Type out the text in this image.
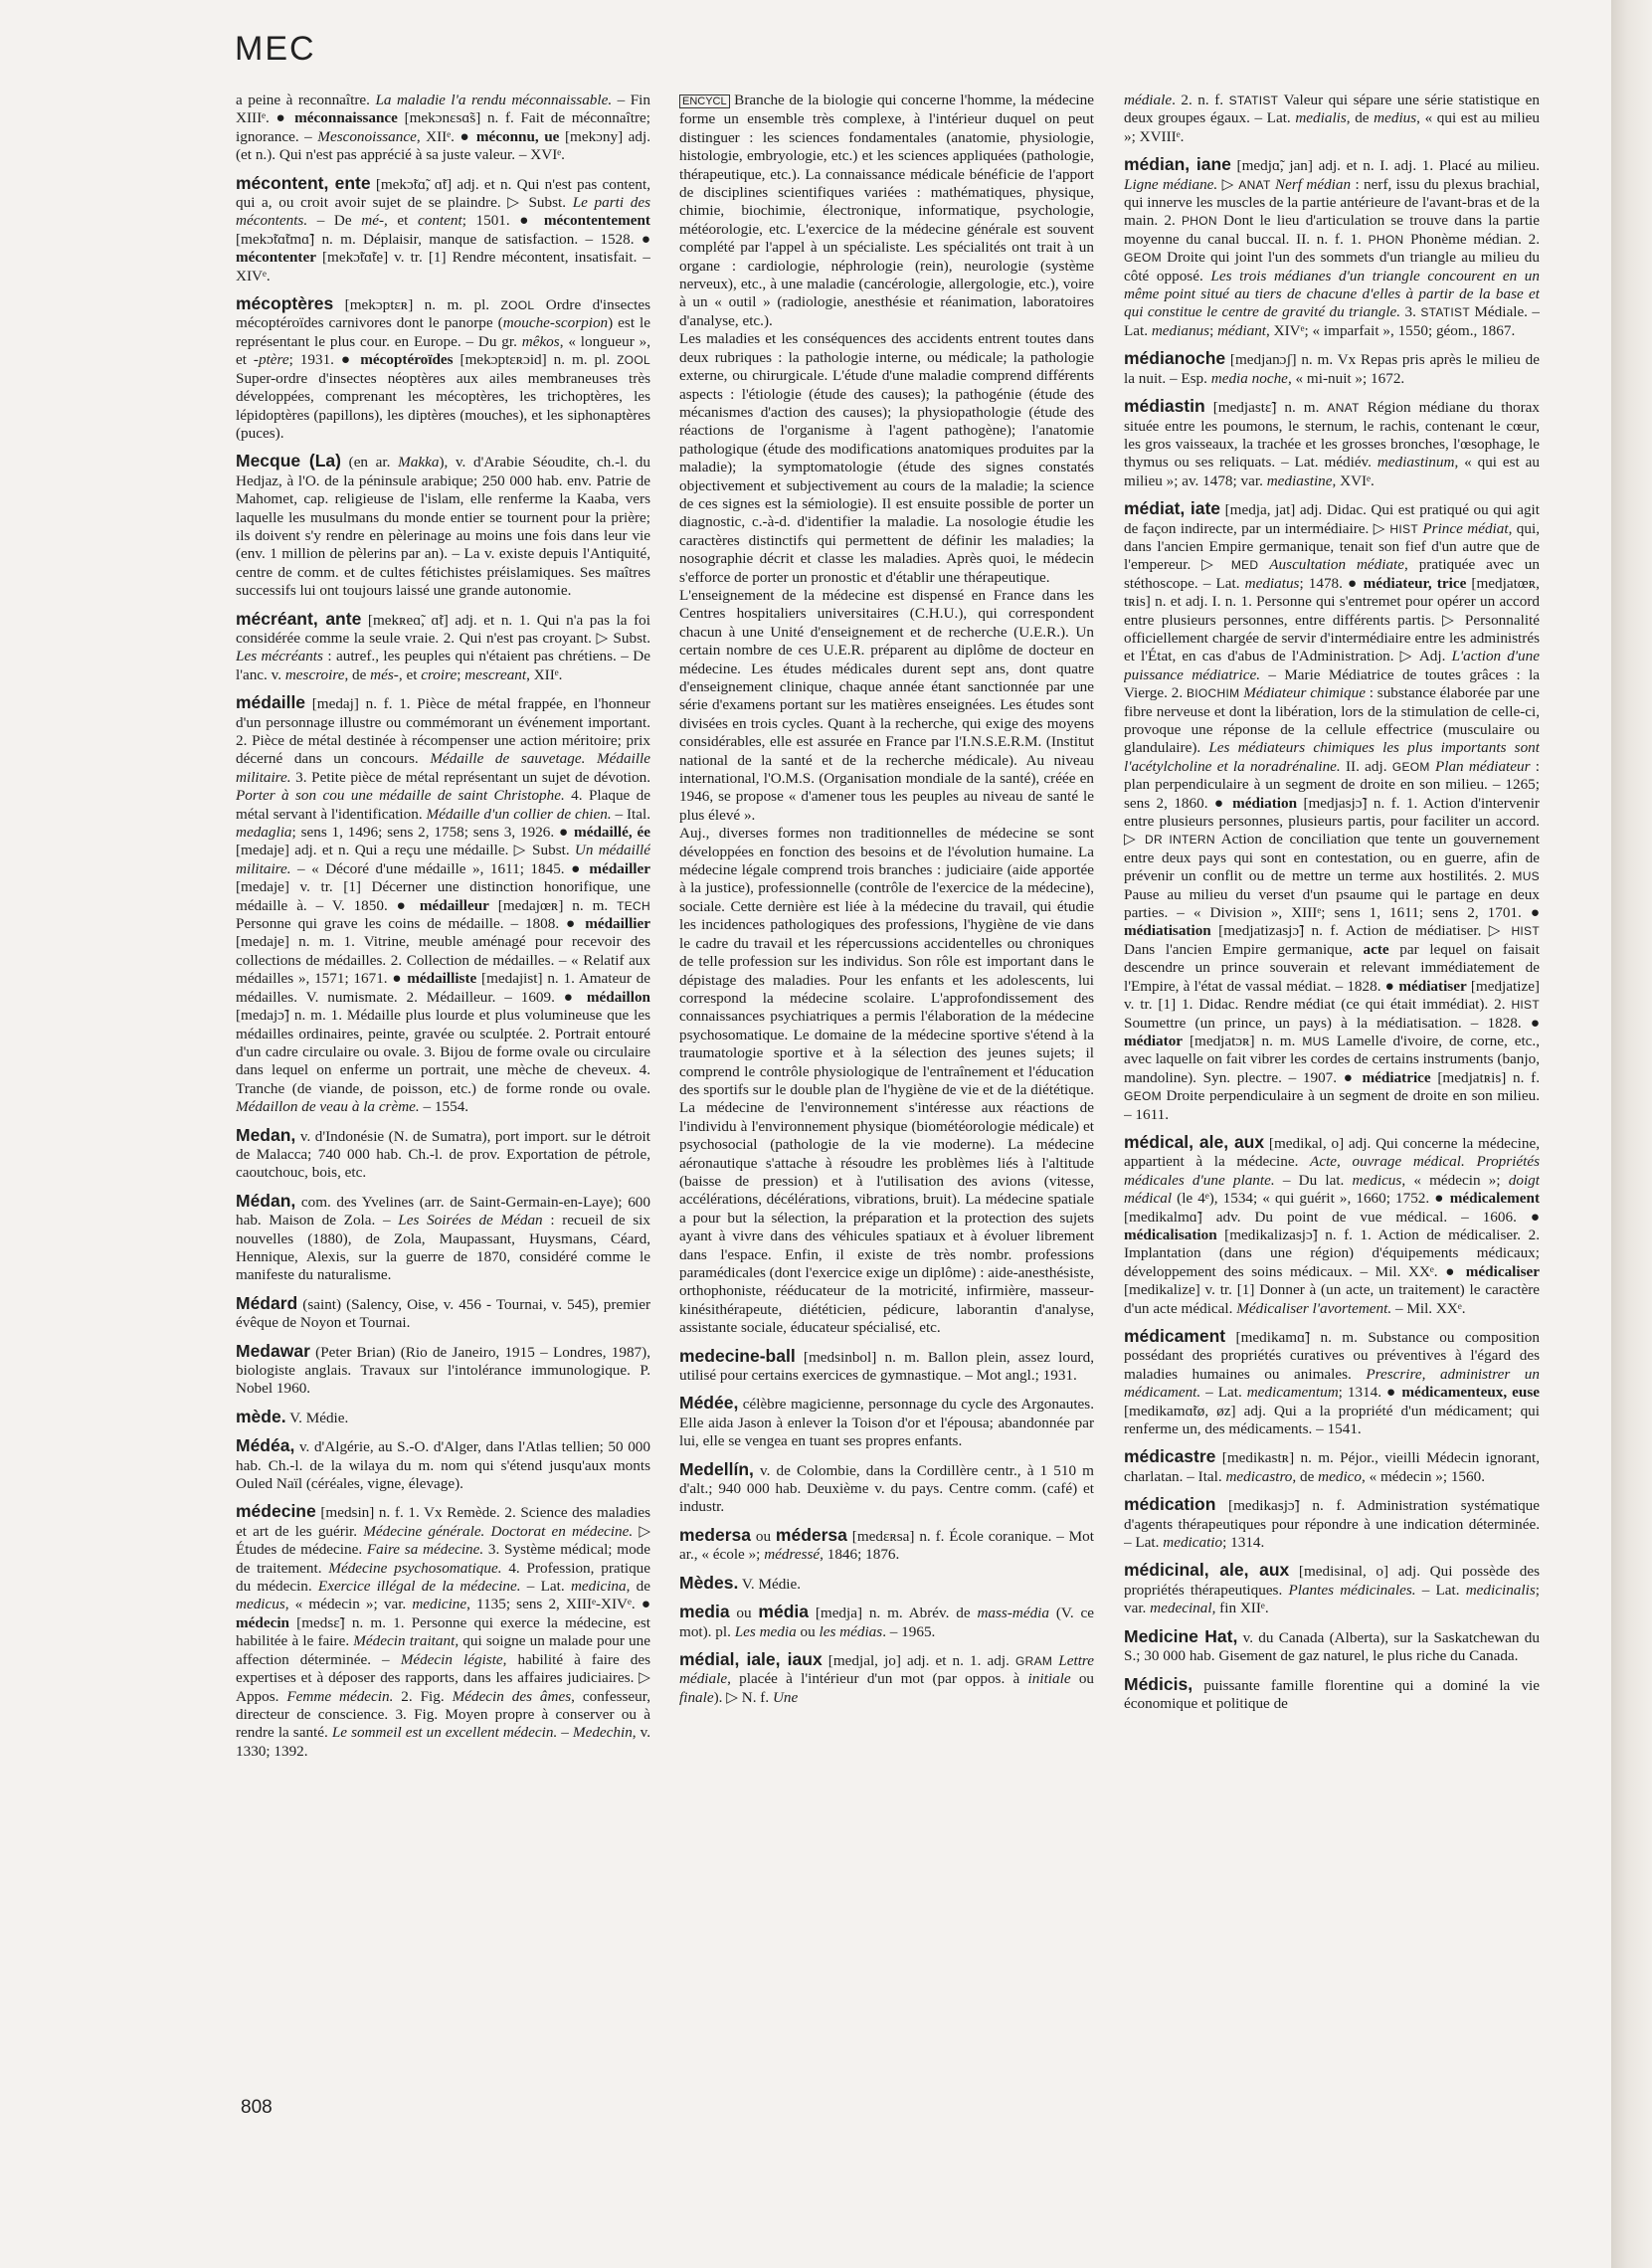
MEC

a peine à reconnaître. La maladie l'a rendu méconnaissable. – Fin XIIIᵉ. ● méconnaissance [mekɔnɛsɑ̃s] n. f. Fait de méconnaître; ignorance. – Mesconoissance, XIIᵉ. ● méconnu, ue [mekɔny] adj. (et n.). Qui n'est pas apprécié à sa juste valeur. – XVIᵉ.

mécontent, ente [mekɔ̃tɑ̃, ɑ̃t] adj. et n. Qui n'est pas content, qui a, ou croit avoir sujet de se plaindre. ▷ Subst. Le parti des mécontents. – De mé-, et content; 1501. ● mécontentement [mekɔ̃tɑ̃tmɑ̃] n. m. Déplaisir, manque de satisfaction. – 1528. ● mécontenter [mekɔ̃tɑ̃te] v. tr. [1] Rendre mécontent, insatisfait. – XIVᵉ.

mécoptères [mekɔptɛʀ] n. m. pl. ZOOL Ordre d'insectes mécoptéroïdes carnivores dont le panorpe (mouche-scorpion) est le représentant le plus cour. en Europe. – Du gr. mêkos, « longueur », et -ptère; 1931. ● mécoptéroïdes [mekɔptɛʀɔid] n. m. pl. ZOOL Super-ordre d'insectes néoptères aux ailes membraneuses très développées, comprenant les mécoptères, les trichoptères, les lépidoptères (papillons), les diptères (mouches), et les siphonaptères (puces).

Mecque (La) (en ar. Makka), v. d'Arabie Séoudite, ch.-l. du Hedjaz, à l'O. de la péninsule arabique; 250 000 hab. env. Patrie de Mahomet, cap. religieuse de l'islam, elle renferme la Kaaba, vers laquelle les musulmans du monde entier se tournent pour la prière; ils doivent s'y rendre en pèlerinage au moins une fois dans leur vie (env. 1 million de pèlerins par an). – La v. existe depuis l'Antiquité, centre de comm. et de cultes fétichistes préislamiques. Ses maîtres successifs lui ont toujours laissé une grande autonomie.

mécréant, ante [mekʀeɑ̃, ɑ̃t] adj. et n. 1. Qui n'a pas la foi considérée comme la seule vraie. 2. Qui n'est pas croyant. ▷ Subst. Les mécréants : autref., les peuples qui n'étaient pas chrétiens. – De l'anc. v. mescroire, de més-, et croire; mescreant, XIIᵉ.

médaille [medaj] n. f. 1. Pièce de métal frappée, en l'honneur d'un personnage illustre ou commémorant un événement important. 2. Pièce de métal destinée à récompenser une action méritoire; prix décerné dans un concours. Médaille de sauvetage. Médaille militaire. 3. Petite pièce de métal représentant un sujet de dévotion. Porter à son cou une médaille de saint Christophe. 4. Plaque de métal servant à l'identification. Médaille d'un collier de chien. – Ital. medaglia; sens 1, 1496; sens 2, 1758; sens 3, 1926. ● médaillé, ée [medaje] adj. et n. Qui a reçu une médaille. ▷ Subst. Un médaillé militaire. – « Décoré d'une médaille », 1611; 1845. ● médailler [medaje] v. tr. [1] Décerner une distinction honorifique, une médaille à. – V. 1850. ● médailleur [medajœʀ] n. m. TECH Personne qui grave les coins de médaille. – 1808. ● médaillier [medaje] n. m. 1. Vitrine, meuble aménagé pour recevoir des collections de médailles. 2. Collection de médailles. – « Relatif aux médailles », 1571; 1671. ● médailliste [medajist] n. 1. Amateur de médailles. V. numismate. 2. Médailleur. – 1609. ● médaillon [medajɔ̃] n. m. 1. Médaille plus lourde et plus volumineuse que les médailles ordinaires, peinte, gravée ou sculptée. 2. Portrait entouré d'un cadre circulaire ou ovale. 3. Bijou de forme ovale ou circulaire dans lequel on enferme un portrait, une mèche de cheveux. 4. Tranche (de viande, de poisson, etc.) de forme ronde ou ovale. Médaillon de veau à la crème. – 1554.

Medan, v. d'Indonésie (N. de Sumatra), port import. sur le détroit de Malacca; 740 000 hab. Ch.-l. de prov. Exportation de pétrole, caoutchouc, bois, etc.

Médan, com. des Yvelines (arr. de Saint-Germain-en-Laye); 600 hab. Maison de Zola. – Les Soirées de Médan : recueil de six nouvelles (1880), de Zola, Maupassant, Huysmans, Céard, Hennique, Alexis, sur la guerre de 1870, considéré comme le manifeste du naturalisme.

Médard (saint) (Salency, Oise, v. 456 - Tournai, v. 545), premier évêque de Noyon et Tournai.

Medawar (Peter Brian) (Rio de Janeiro, 1915 – Londres, 1987), biologiste anglais. Travaux sur l'intolérance immunologique. P. Nobel 1960.

mède. V. Médie.

Médéa, v. d'Algérie, au S.-O. d'Alger, dans l'Atlas tellien; 50 000 hab. Ch.-l. de la wilaya du m. nom qui s'étend jusqu'aux monts Ouled Naïl (céréales, vigne, élevage).

médecine [medsin] n. f. 1. Vx Remède. 2. Science des maladies et art de les guérir. Médecine générale. Doctorat en médecine. ▷ Études de médecine. Faire sa médecine. 3. Système médical; mode de traitement. Médecine psychosomatique. 4. Profession, pratique du médecin. Exercice illégal de la médecine. – Lat. medicina, de medicus, « médecin »; var. medicine, 1135; sens 2, XIIIᵉ-XIVᵉ. ● médecin [medsɛ̃] n. m. 1. Personne qui exerce la médecine, est habilitée à le faire. Médecin traitant, qui soigne un malade pour une affection déterminée. – Médecin légiste, habilité à faire des expertises et à déposer des rapports, dans les affaires judiciaires. ▷ Appos. Femme médecin. 2. Fig. Médecin des âmes, confesseur, directeur de conscience. 3. Fig. Moyen propre à conserver ou à rendre la santé. Le sommeil est un excellent médecin. – Medechin, v. 1330; 1392.

ENCYCL Branche de la biologie qui concerne l'homme, la médecine forme un ensemble très complexe, à l'intérieur duquel on peut distinguer : les sciences fondamentales (anatomie, physiologie, histologie, embryologie, etc.) et les sciences appliquées (pathologie, thérapeutique, etc.). La connaissance médicale bénéficie de l'apport de disciplines scientifiques variées : mathématiques, physique, chimie, biochimie, électronique, informatique, psychologie, météorologie, etc. L'exercice de la médecine générale est souvent complété par l'appel à un spécialiste. Les spécialités ont trait à un organe : cardiologie, néphrologie (rein), neurologie (système nerveux), etc., à une maladie (cancérologie, allergologie, etc.), voire à un « outil » (radiologie, anesthésie et réanimation, laboratoires d'analyse, etc.).

Les maladies et les conséquences des accidents entrent toutes dans deux rubriques : la pathologie interne, ou médicale; la pathologie externe, ou chirurgicale. L'étude d'une maladie comprend différents aspects : l'étiologie (étude des causes); la pathogénie (étude des mécanismes d'action des causes); la physiopathologie (étude des réactions de l'organisme à l'agent pathogène); l'anatomie pathologique (étude des modifications anatomiques produites par la maladie); la symptomatologie (étude des signes constatés objectivement et subjectivement au cours de la maladie; la science de ces signes est la sémiologie). Il est ensuite possible de porter un diagnostic, c.-à-d. d'identifier la maladie. La nosologie étudie les caractères distinctifs qui permettent de définir les maladies; la nosographie décrit et classe les maladies. Après quoi, le médecin s'efforce de porter un pronostic et d'établir une thérapeutique.

L'enseignement de la médecine est dispensé en France dans les Centres hospitaliers universitaires (C.H.U.), qui correspondent chacun à une Unité d'enseignement et de recherche (U.E.R.). Un certain nombre de ces U.E.R. préparent au diplôme de docteur en médecine. Les études médicales durent sept ans, dont quatre d'enseignement clinique, chaque année étant sanctionnée par une série d'examens portant sur les matières enseignées. Les études sont divisées en trois cycles. Quant à la recherche, qui exige des moyens considérables, elle est assurée en France par l'I.N.S.E.R.M. (Institut national de la santé et de la recherche médicale). Au niveau international, l'O.M.S. (Organisation mondiale de la santé), créée en 1946, se propose « d'amener tous les peuples au niveau de santé le plus élevé ».

Auj., diverses formes non traditionnelles de médecine se sont développées en fonction des besoins et de l'évolution humaine. La médecine légale comprend trois branches : judiciaire (aide apportée à la justice), professionnelle (contrôle de l'exercice de la médecine), sociale. Cette dernière est liée à la médecine du travail, qui étudie les incidences pathologiques des professions, l'hygiène de vie dans le cadre du travail et les répercussions accidentelles ou chroniques de telle profession sur les individus. Son rôle est important dans le dépistage des maladies. Pour les enfants et les adolescents, lui correspond la médecine scolaire. L'approfondissement des connaissances psychiatriques a permis l'élaboration de la médecine psychosomatique. Le domaine de la médecine sportive s'étend à la traumatologie sportive et à la sélection des jeunes sujets; il comprend le contrôle physiologique de l'entraînement et l'éducation des sportifs sur le double plan de l'hygiène de vie et de la diététique. La médecine de l'environnement s'intéresse aux réactions de l'individu à l'environnement physique (biométéorologie médicale) et psychosocial (pathologie de la vie moderne). La médecine aéronautique s'attache à résoudre les problèmes liés à l'altitude (baisse de pression) et à l'utilisation des avions (vitesse, accélérations, décélérations, vibrations, bruit). La médecine spatiale a pour but la sélection, la préparation et la protection des sujets ayant à vivre dans des véhicules spatiaux et à évoluer librement dans l'espace. Enfin, il existe de très nombr. professions paramédicales (dont l'exercice exige un diplôme) : aide-anesthésiste, orthophoniste, rééducateur de la motricité, infirmière, masseur-kinésithérapeute, diététicien, pédicure, laborantin d'analyse, assistante sociale, éducateur spécialisé, etc.

medecine-ball [medsinbol] n. m. Ballon plein, assez lourd, utilisé pour certains exercices de gymnastique. – Mot angl.; 1931.

Médée, célèbre magicienne, personnage du cycle des Argonautes. Elle aida Jason à enlever la Toison d'or et l'épousa; abandonnée par lui, elle se vengea en tuant ses propres enfants.

Medellín, v. de Colombie, dans la Cordillère centr., à 1 510 m d'alt.; 940 000 hab. Deuxième v. du pays. Centre comm. (café) et industr.

medersa ou médersa [medɛʀsa] n. f. École coranique. – Mot ar., « école »; médressé, 1846; 1876.

Mèdes. V. Médie.

media ou média [medja] n. m. Abrév. de mass-média (V. ce mot). pl. Les media ou les médias. – 1965.

médial, iale, iaux [medjal, jo] adj. et n. 1. adj. GRAM Lettre médiale, placée à l'intérieur d'un mot (par oppos. à initiale ou finale). ▷ N. f. Une

médiale. 2. n. f. STATIST Valeur qui sépare une série statistique en deux groupes égaux. – Lat. medialis, de medius, « qui est au milieu »; XVIIIᵉ.

médian, iane [medjɑ̃, jan] adj. et n. I. adj. 1. Placé au milieu. Ligne médiane. ▷ ANAT Nerf médian : nerf, issu du plexus brachial, qui innerve les muscles de la partie antérieure de l'avant-bras et de la main. 2. PHON Dont le lieu d'articulation se trouve dans la partie moyenne du canal buccal. II. n. f. 1. PHON Phonème médian. 2. GEOM Droite qui joint l'un des sommets d'un triangle au milieu du côté opposé. Les trois médianes d'un triangle concourent en un même point situé au tiers de chacune d'elles à partir de la base et qui constitue le centre de gravité du triangle. 3. STATIST Médiale. – Lat. medianus; médiant, XIVᵉ; « imparfait », 1550; géom., 1867.

médianoche [medjanɔʃ] n. m. Vx Repas pris après le milieu de la nuit. – Esp. media noche, « mi-nuit »; 1672.

médiastin [medjastɛ̃] n. m. ANAT Région médiane du thorax située entre les poumons, le sternum, le rachis, contenant le cœur, les gros vaisseaux, la trachée et les grosses bronches, l'œsophage, le thymus ou ses reliquats. – Lat. médiév. mediastinum, « qui est au milieu »; av. 1478; var. mediastine, XVIᵉ.

médiat, iate [medja, jat] adj. Didac. Qui est pratiqué ou qui agit de façon indirecte, par un intermédiaire. ▷ HIST Prince médiat, qui, dans l'ancien Empire germanique, tenait son fief d'un autre que de l'empereur. ▷ MED Auscultation médiate, pratiquée avec un stéthoscope. – Lat. mediatus; 1478. ● médiateur, trice [medjatœʀ, tʀis] n. et adj. I. n. 1. Personne qui s'entremet pour opérer un accord entre plusieurs personnes, entre différents partis. ▷ Personnalité officiellement chargée de servir d'intermédiaire entre les administrés et l'État, en cas d'abus de l'Administration. ▷ Adj. L'action d'une puissance médiatrice. – Marie Médiatrice de toutes grâces : la Vierge. 2. BIOCHIM Médiateur chimique : substance élaborée par une fibre nerveuse et dont la libération, lors de la stimulation de celle-ci, provoque une réponse de la cellule effectrice (musculaire ou glandulaire). Les médiateurs chimiques les plus importants sont l'acétylcholine et la noradrénaline. II. adj. GEOM Plan médiateur : plan perpendiculaire à un segment de droite en son milieu. – 1265; sens 2, 1860. ● médiation [medjasjɔ̃] n. f. 1. Action d'intervenir entre plusieurs personnes, plusieurs partis, pour faciliter un accord. ▷ DR INTERN Action de conciliation que tente un gouvernement entre deux pays qui sont en contestation, ou en guerre, afin de prévenir un conflit ou de mettre un terme aux hostilités. 2. MUS Pause au milieu du verset d'un psaume qui le partage en deux parties. – « Division », XIIIᵉ; sens 1, 1611; sens 2, 1701. ● médiatisation [medjatizasjɔ̃] n. f. Action de médiatiser. ▷ HIST Dans l'ancien Empire germanique, acte par lequel on faisait descendre un prince souverain et relevant immédiatement de l'Empire, à l'état de vassal médiat. – 1828. ● médiatiser [medjatize] v. tr. [1] 1. Didac. Rendre médiat (ce qui était immédiat). 2. HIST Soumettre (un prince, un pays) à la médiatisation. – 1828. ● médiator [medjatɔʀ] n. m. MUS Lamelle d'ivoire, de corne, etc., avec laquelle on fait vibrer les cordes de certains instruments (banjo, mandoline). Syn. plectre. – 1907. ● médiatrice [medjatʀis] n. f. GEOM Droite perpendiculaire à un segment de droite en son milieu. – 1611.

médical, ale, aux [medikal, o] adj. Qui concerne la médecine, appartient à la médecine. Acte, ouvrage médical. Propriétés médicales d'une plante. – Du lat. medicus, « médecin »; doigt médical (le 4ᵉ), 1534; « qui guérit », 1660; 1752. ● médicalement [medikalmɑ̃] adv. Du point de vue médical. – 1606. ● médicalisation [medikalizasjɔ̃] n. f. 1. Action de médicaliser. 2. Implantation (dans une région) d'équipements médicaux; développement des soins médicaux. – Mil. XXᵉ. ● médicaliser [medikalize] v. tr. [1] Donner à (un acte, un traitement) le caractère d'un acte médical. Médicaliser l'avortement. – Mil. XXᵉ.

médicament [medikamɑ̃] n. m. Substance ou composition possédant des propriétés curatives ou préventives à l'égard des maladies humaines ou animales. Prescrire, administrer un médicament. – Lat. medicamentum; 1314. ● médicamenteux, euse [medikamɑ̃tø, øz] adj. Qui a la propriété d'un médicament; qui renferme un, des médicaments. – 1541.

médicastre [medikastʀ] n. m. Péjor., vieilli Médecin ignorant, charlatan. – Ital. medicastro, de medico, « médecin »; 1560.

médication [medikasjɔ̃] n. f. Administration systématique d'agents thérapeutiques pour répondre à une indication déterminée. – Lat. medicatio; 1314.

médicinal, ale, aux [medisinal, o] adj. Qui possède des propriétés thérapeutiques. Plantes médicinales. – Lat. medicinalis; var. medecinal, fin XIIᵉ.

Medicine Hat, v. du Canada (Alberta), sur la Saskatchewan du S.; 30 000 hab. Gisement de gaz naturel, le plus riche du Canada.

Médicis, puissante famille florentine qui a dominé la vie économique et politique de

808
